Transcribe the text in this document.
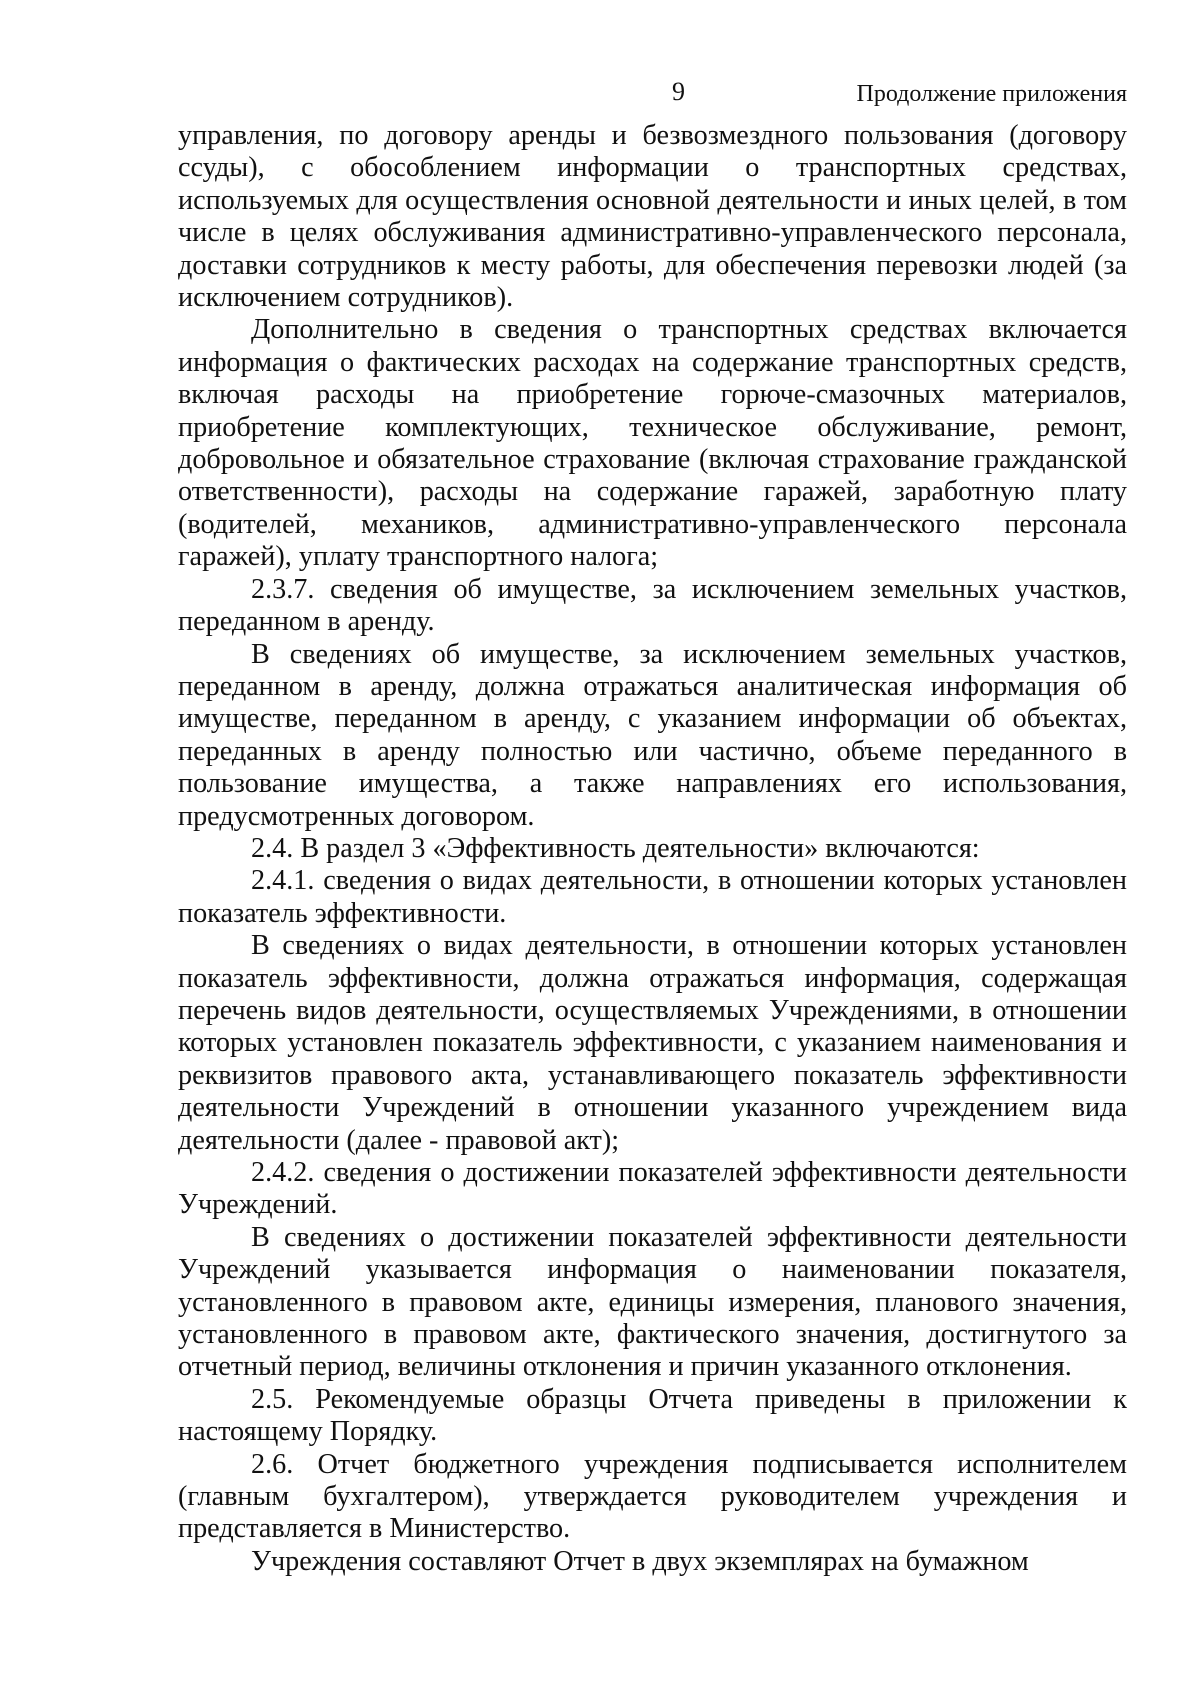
9	Продолжение приложения

управления, по договору аренды и безвозмездного пользования (договору ссуды), с обособлением информации о транспортных средствах, используемых для осуществления основной деятельности и иных целей, в том числе в целях обслуживания административно-управленческого персонала, доставки сотрудников к месту работы, для обеспечения перевозки людей (за исключением сотрудников).

Дополнительно в сведения о транспортных средствах включается информация о фактических расходах на содержание транспортных средств, включая расходы на приобретение горюче-смазочных материалов, приобретение комплектующих, техническое обслуживание, ремонт, добровольное и обязательное страхование (включая страхование гражданской ответственности), расходы на содержание гаражей, заработную плату (водителей, механиков, административно-управленческого персонала гаражей), уплату транспортного налога;

2.3.7. сведения об имуществе, за исключением земельных участков, переданном в аренду.

В сведениях об имуществе, за исключением земельных участков, переданном в аренду, должна отражаться аналитическая информация об имуществе, переданном в аренду, с указанием информации об объектах, переданных в аренду полностью или частично, объеме переданного в пользование имущества, а также направлениях его использования, предусмотренных договором.

2.4. В раздел 3 «Эффективность деятельности» включаются:

2.4.1. сведения о видах деятельности, в отношении которых установлен показатель эффективности.

В сведениях о видах деятельности, в отношении которых установлен показатель эффективности, должна отражаться информация, содержащая перечень видов деятельности, осуществляемых Учреждениями, в отношении которых установлен показатель эффективности, с указанием наименования и реквизитов правового акта, устанавливающего показатель эффективности деятельности Учреждений в отношении указанного учреждением вида деятельности (далее - правовой акт);

2.4.2. сведения о достижении показателей эффективности деятельности Учреждений.

В сведениях о достижении показателей эффективности деятельности Учреждений указывается информация о наименовании показателя, установленного в правовом акте, единицы измерения, планового значения, установленного в правовом акте, фактического значения, достигнутого за отчетный период, величины отклонения и причин указанного отклонения.

2.5. Рекомендуемые образцы Отчета приведены в приложении к настоящему Порядку.

2.6. Отчет бюджетного учреждения подписывается исполнителем (главным бухгалтером), утверждается руководителем учреждения и представляется в Министерство.

Учреждения составляют Отчет в двух экземплярах на бумажном
